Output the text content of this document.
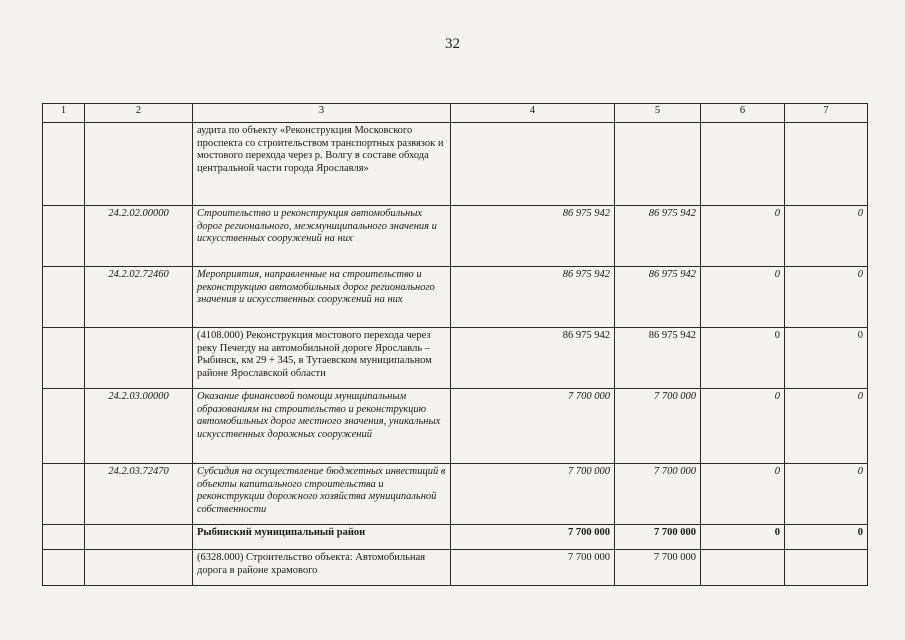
32
1	2	3	4	5	6	7
		аудита по объекту «Реконструкция Московского проспекта со строительством транспортных развязок и мостового перехода через р. Волгу в составе обхода центральной части города Ярославля»				
	24.2.02.00000	Строительство и реконструкция автомобильных дорог регионального, межмуниципального значения и искусственных сооружений на них	86 975 942	86 975 942	0	0
	24.2.02.72460	Мероприятия, направленные на строительство и реконструкцию автомобильных дорог регионального значения и искусственных сооружений на них	86 975 942	86 975 942	0	0
		(4108.000) Реконструкция мостового перехода через реку Печегду на автомобильной дороге Ярославль – Рыбинск, км 29 + 345, в Тутаевском муниципальном районе Ярославской области	86 975 942	86 975 942	0	0
	24.2.03.00000	Оказание финансовой помощи муниципальным образованиям на строительство и реконструкцию автомобильных дорог местного значения, уникальных искусственных дорожных сооружений	7 700 000	7 700 000	0	0
	24.2.03.72470	Субсидия на осуществление бюджетных инвестиций в объекты капитального строительства и реконструкции дорожного хозяйства муниципальной собственности	7 700 000	7 700 000	0	0
		Рыбинский муниципальный район	7 700 000	7 700 000	0	0
		(6328.000) Строительство объекта: Автомобильная дорога в районе храмового	7 700 000	7 700 000		
